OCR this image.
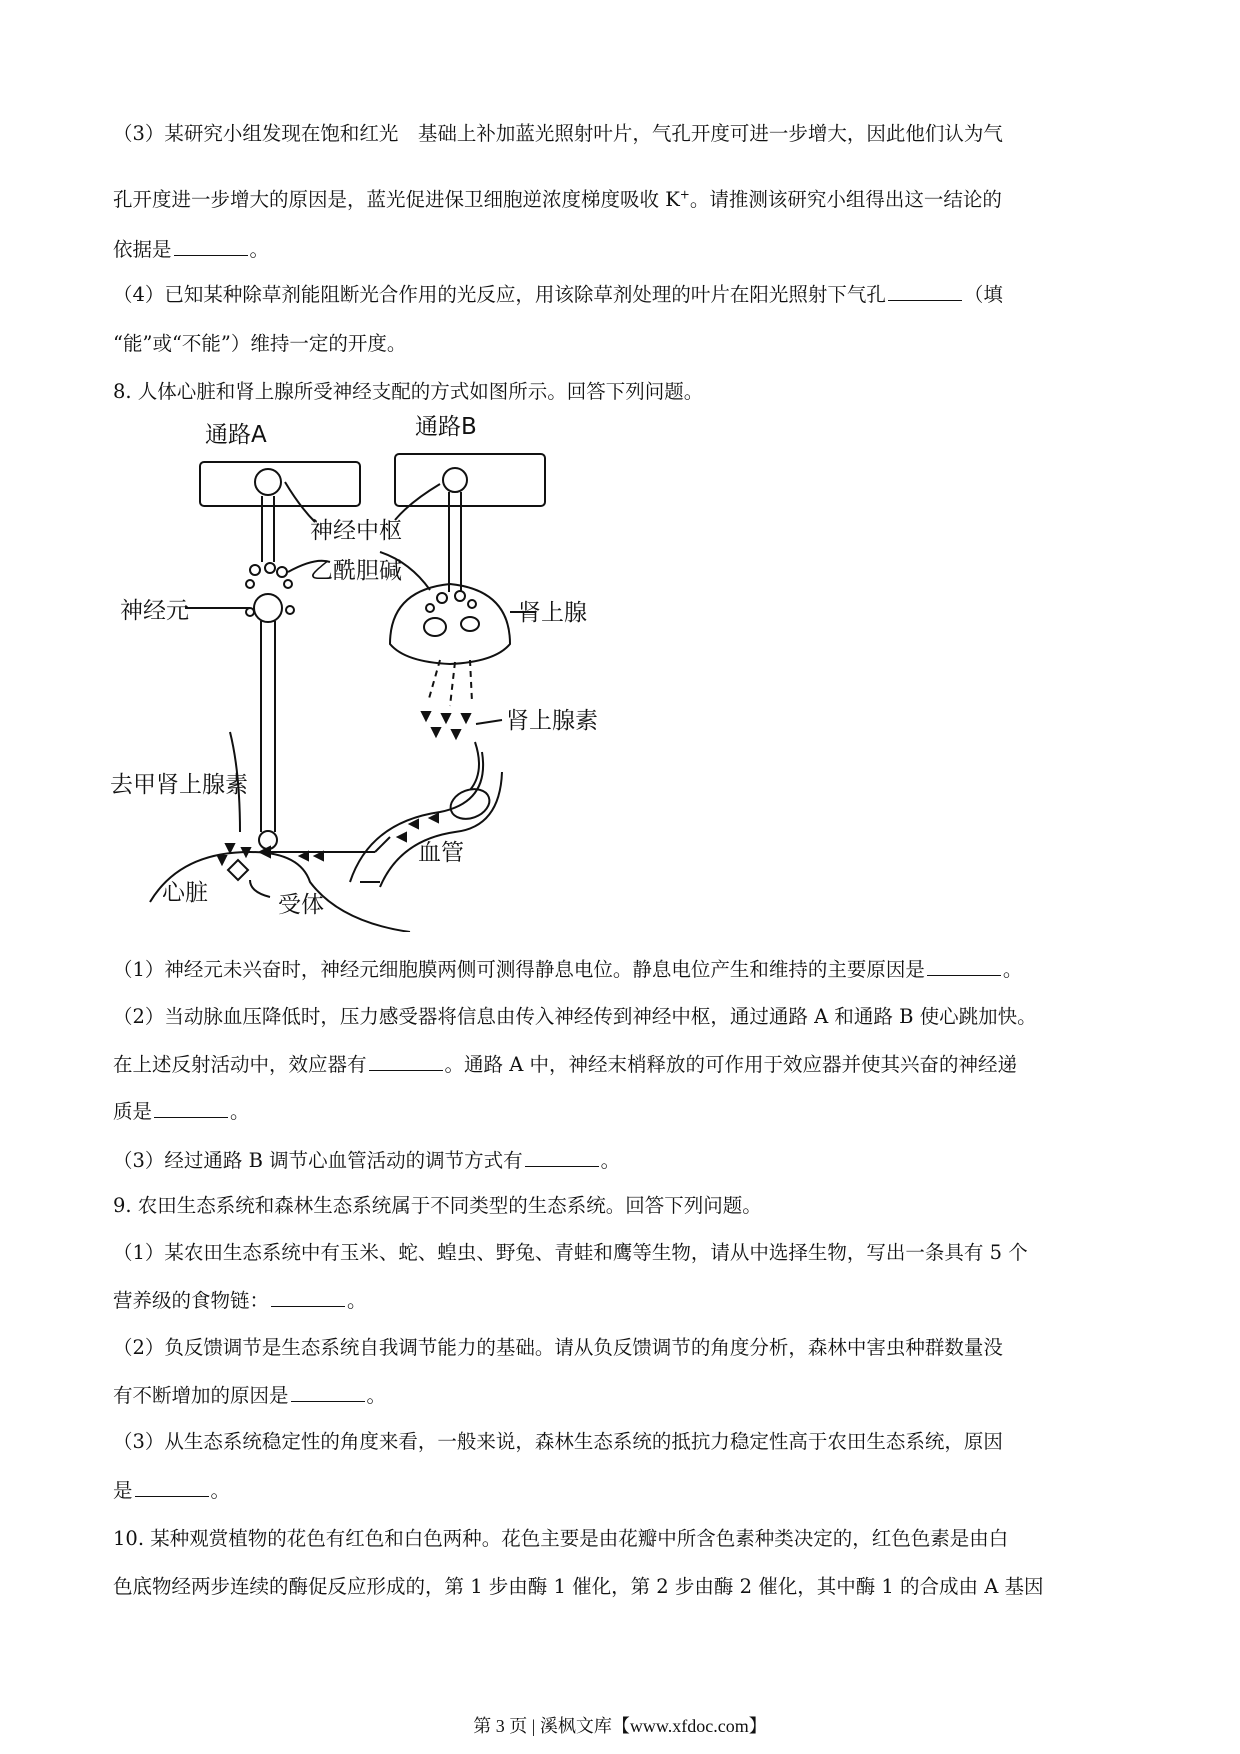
（3）某研究小组发现在饱和红光　基础上补加蓝光照射叶片，气孔开度可进一步增大，因此他们认为气
孔开度进一步增大的原因是，蓝光促进保卫细胞逆浓度梯度吸收 K+。请推测该研究小组得出这一结论的
依据是	。
（4）已知某种除草剂能阻断光合作用的光反应，用该除草剂处理的叶片在阳光照射下气孔	（填
“能”或“不能”）维持一定的开度。
8. 人体心脏和肾上腺所受神经支配的方式如图所示。回答下列问题。
通路A	通路B
神经中枢
乙酰胆碱
神经元	肾上腺
肾上腺素
去甲肾上腺素
血管
心脏	受体
（1）神经元未兴奋时，神经元细胞膜两侧可测得静息电位。静息电位产生和维持的主要原因是	。
（2）当动脉血压降低时，压力感受器将信息由传入神经传到神经中枢，通过通路 A 和通路 B 使心跳加快。
在上述反射活动中，效应器有	。通路 A 中，神经末梢释放的可作用于效应器并使其兴奋的神经递
质是	。
（3）经过通路 B 调节心血管活动的调节方式有	。
9. 农田生态系统和森林生态系统属于不同类型的生态系统。回答下列问题。
（1）某农田生态系统中有玉米、蛇、蝗虫、野兔、青蛙和鹰等生物，请从中选择生物，写出一条具有 5 个
营养级的食物链：	。
（2）负反馈调节是生态系统自我调节能力的基础。请从负反馈调节的角度分析，森林中害虫种群数量没
有不断增加的原因是	。
（3）从生态系统稳定性的角度来看，一般来说，森林生态系统的抵抗力稳定性高于农田生态系统，原因
是	。
10. 某种观赏植物的花色有红色和白色两种。花色主要是由花瓣中所含色素种类决定的，红色色素是由白
色底物经两步连续的酶促反应形成的，第 1 步由酶 1 催化，第 2 步由酶 2 催化，其中酶 1 的合成由 A 基因
第 3 页 | 溪枫文库【www.xfdoc.com】
